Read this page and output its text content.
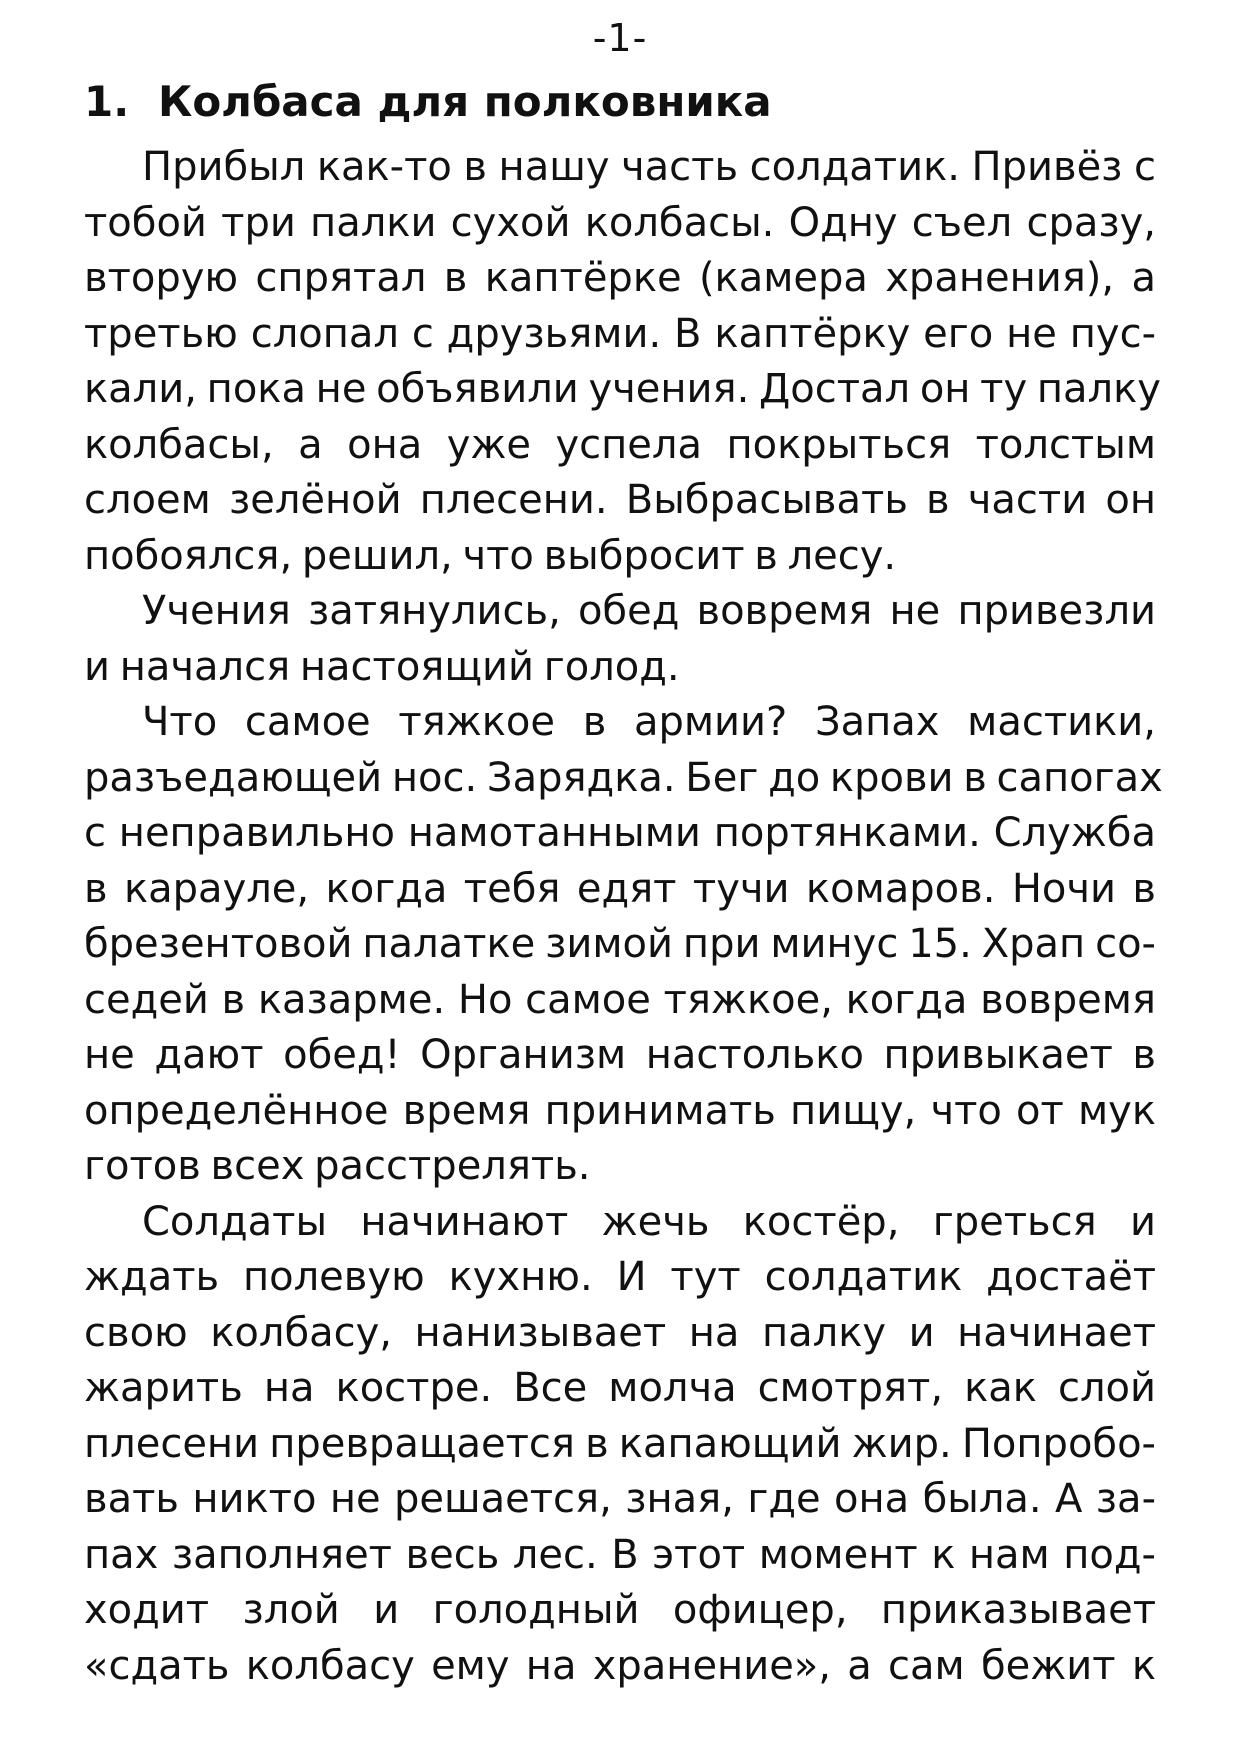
-1-
1. Колбаса для полковника

Прибыл как-то в нашу часть солдатик. Привёз с
тобой три палки сухой колбасы. Одну съел сразу,
вторую спрятал в каптёрке (камера хранения), а
третью слопал с друзьями. В каптёрку его не пус-
кали, пока не объявили учения. Достал он ту палку
колбасы, а она уже успела покрыться толстым
слоем зелёной плесени. Выбрасывать в части он
побоялся, решил, что выбросит в лесу.

Учения затянулись, обед вовремя не привезли
и начался настоящий голод.

Что самое тяжкое в армии? Запах мастики,
разъедающей нос. Зарядка. Бег до крови в сапогах
с неправильно намотанными портянками. Служба
в карауле, когда тебя едят тучи комаров. Ночи в
брезентовой палатке зимой при минус 15. Храп со-
седей в казарме. Но самое тяжкое, когда вовремя
не дают обед! Организм настолько привыкает в
определённое время принимать пищу, что от мук
готов всех расстрелять.

Солдаты начинают жечь костёр, греться и
ждать полевую кухню. И тут солдатик достаёт
свою колбасу, нанизывает на палку и начинает
жарить на костре. Все молча смотрят, как слой
плесени превращается в капающий жир. Попробо-
вать никто не решается, зная, где она была. А за-
пах заполняет весь лес. В этот момент к нам под-
ходит злой и голодный офицер, приказывает
«сдать колбасу ему на хранение», а сам бежит к
